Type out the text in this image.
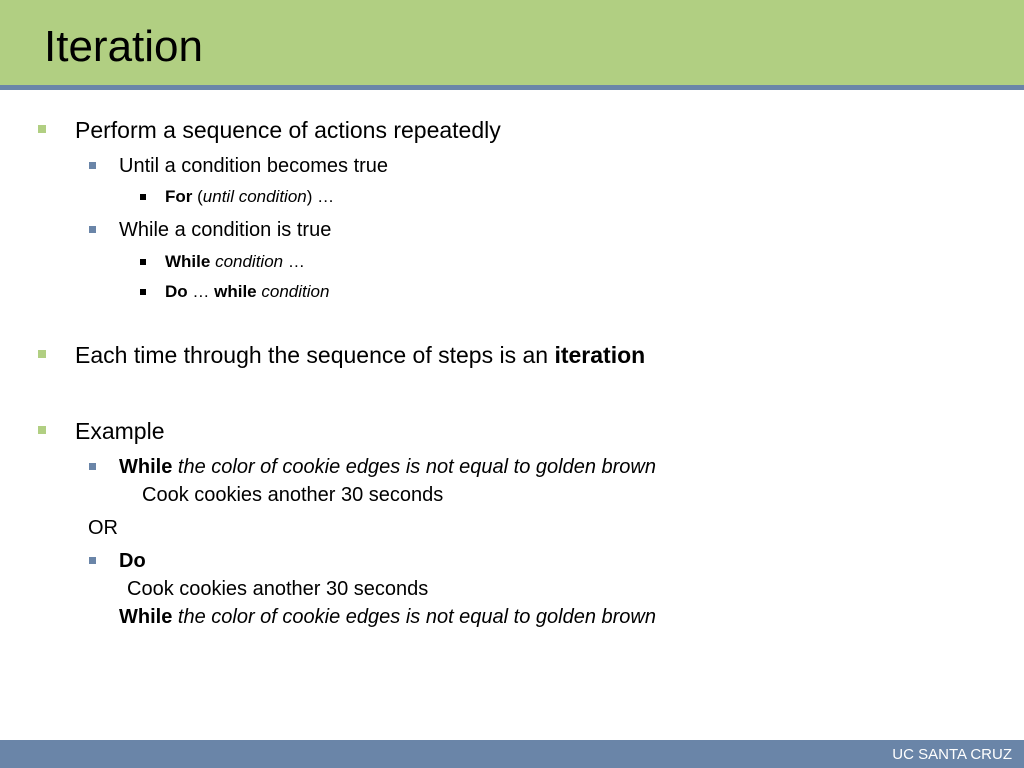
Iteration
Perform a sequence of actions repeatedly
Until a condition becomes true
For (until condition) …
While a condition is true
While condition …
Do … while condition
Each time through the sequence of steps is an iteration
Example
While the color of cookie edges is not equal to golden brown
Cook cookies another 30 seconds
OR
Do
Cook cookies another 30 seconds
While the color of cookie edges is not equal to golden brown
UC SANTA CRUZ
